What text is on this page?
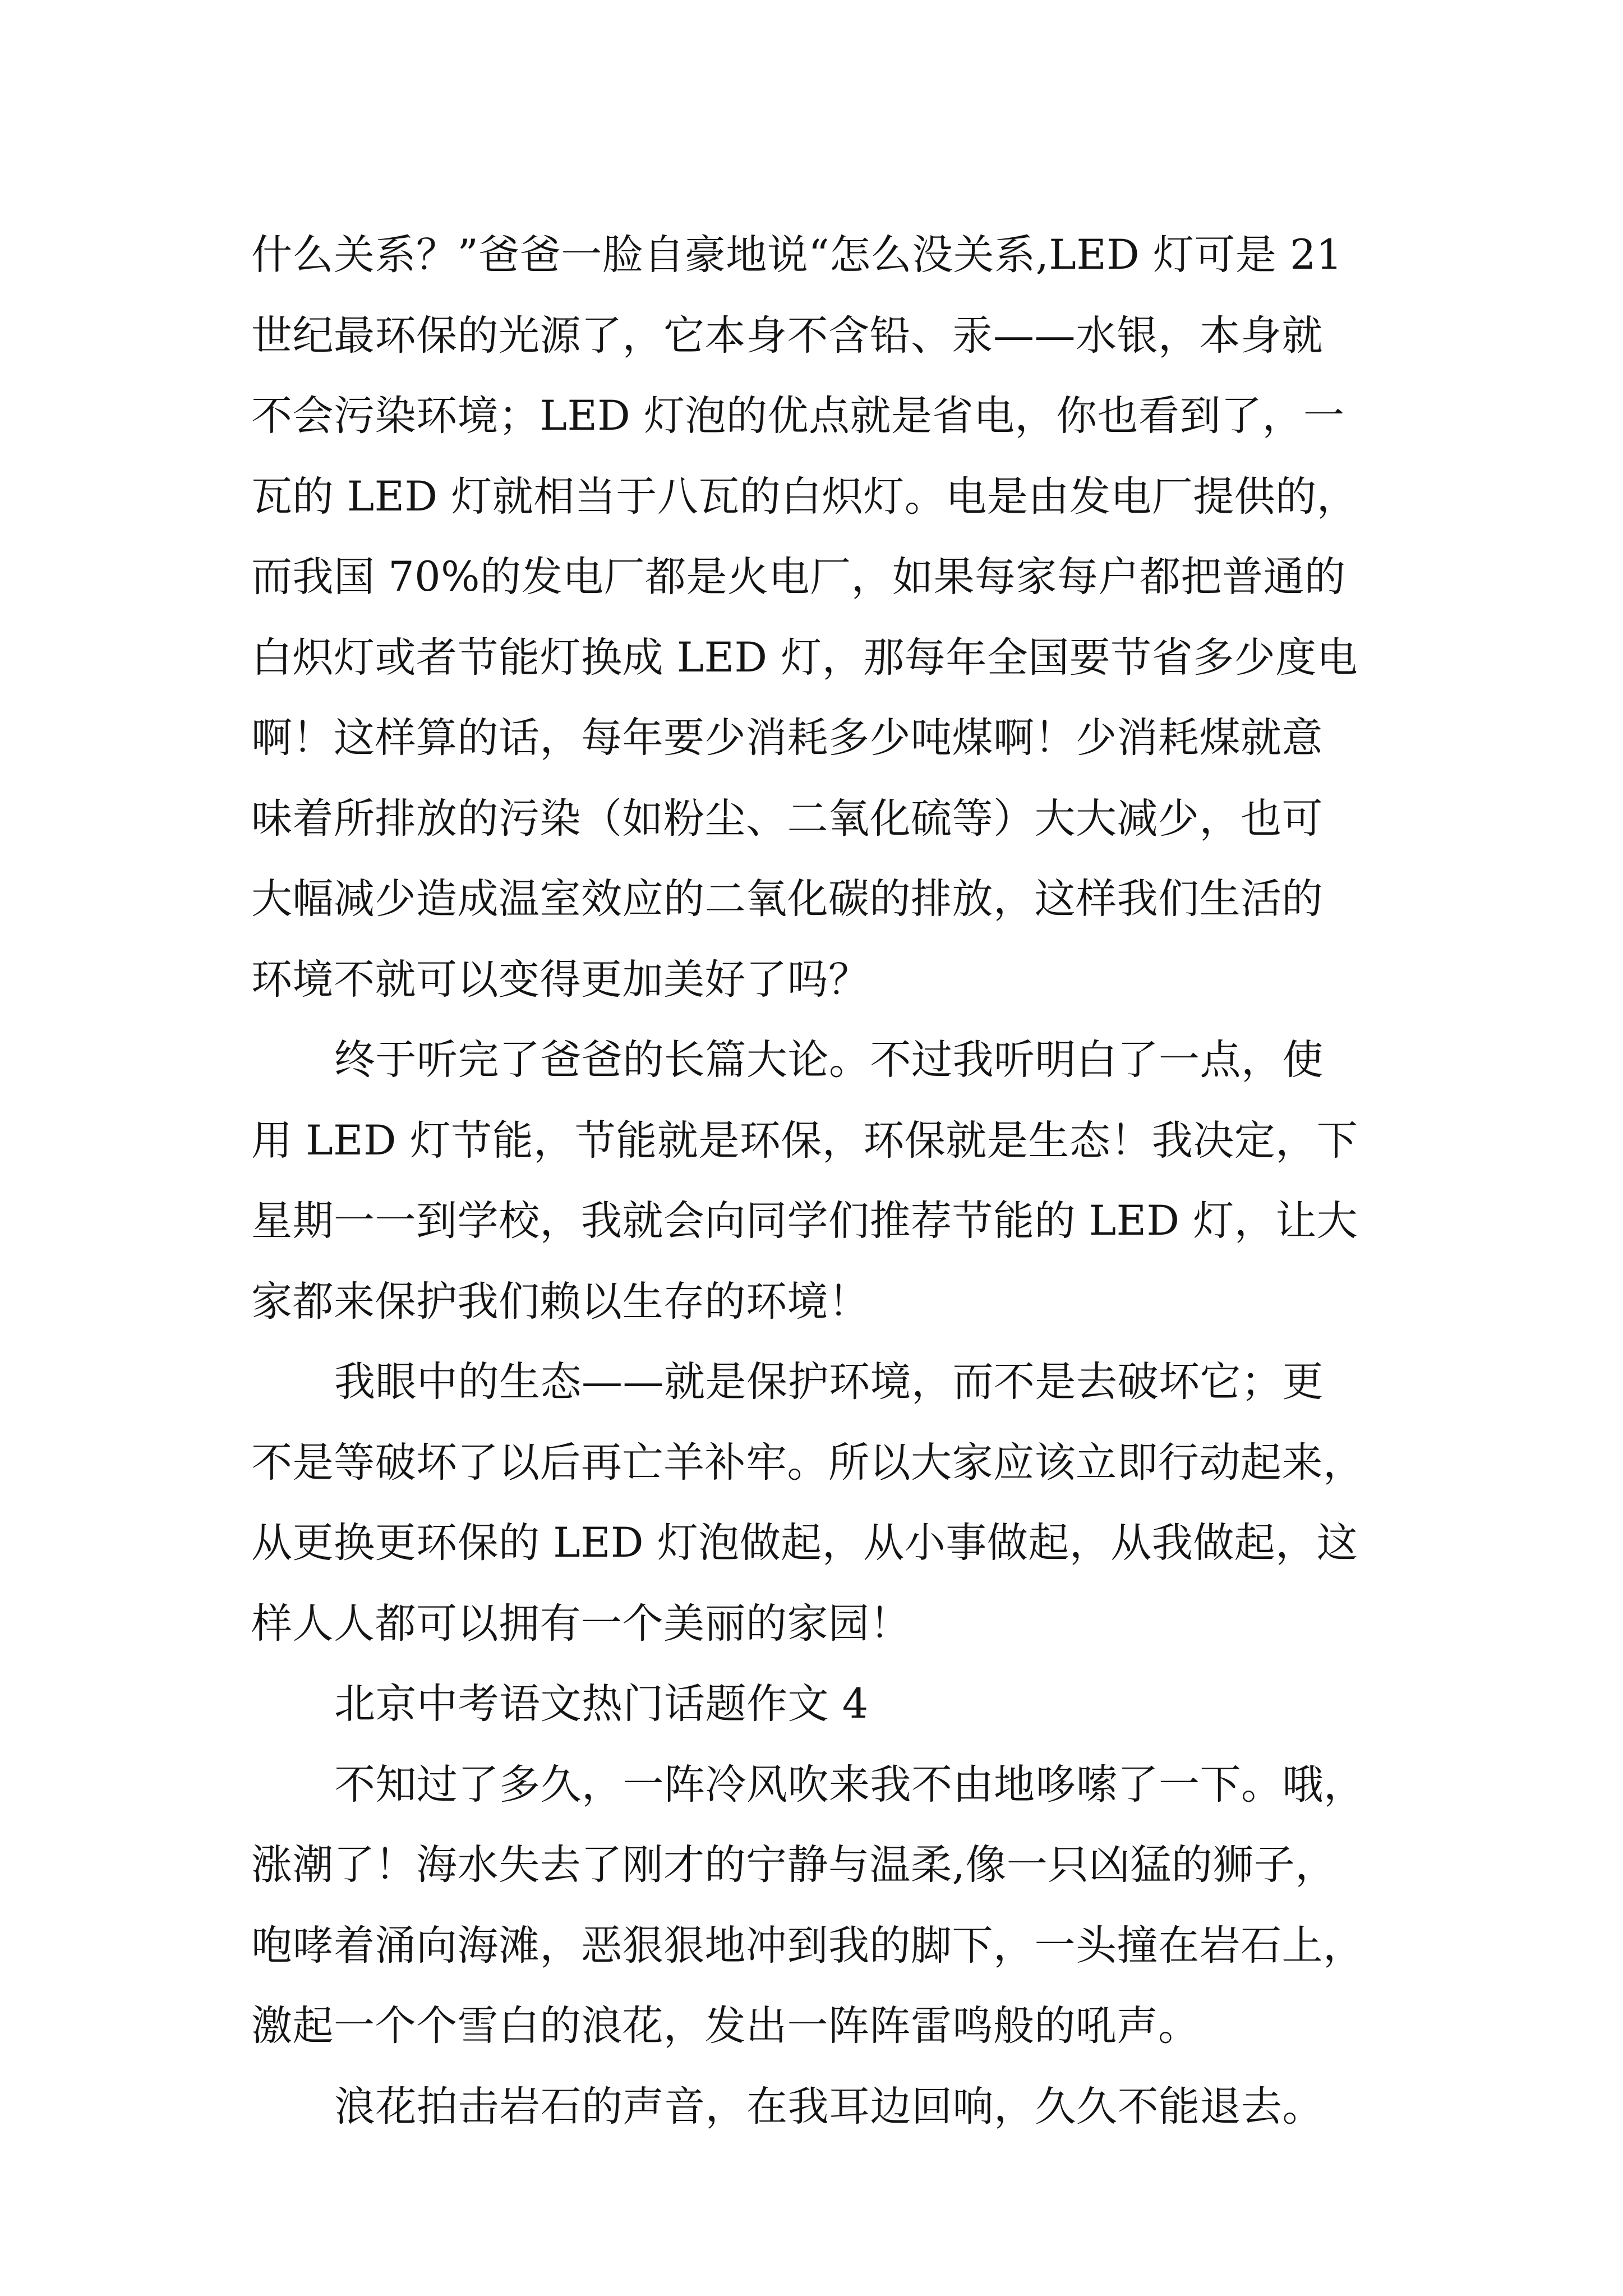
什么关系？”爸爸一脸自豪地说“怎么没关系,LED 灯可是 21
世纪最环保的光源了，它本身不含铅、汞——水银，本身就
不会污染环境；LED 灯泡的优点就是省电，你也看到了，一
瓦的 LED 灯就相当于八瓦的白炽灯。电是由发电厂提供的，
而我国 70%的发电厂都是火电厂，如果每家每户都把普通的
白炽灯或者节能灯换成 LED 灯，那每年全国要节省多少度电
啊！这样算的话，每年要少消耗多少吨煤啊！少消耗煤就意
味着所排放的污染（如粉尘、二氧化硫等）大大减少，也可
大幅减少造成温室效应的二氧化碳的排放，这样我们生活的
环境不就可以变得更加美好了吗？
终于听完了爸爸的长篇大论。不过我听明白了一点，使
用 LED 灯节能，节能就是环保，环保就是生态！我决定，下
星期一一到学校，我就会向同学们推荐节能的 LED 灯，让大
家都来保护我们赖以生存的环境！
我眼中的生态——就是保护环境，而不是去破坏它；更
不是等破坏了以后再亡羊补牢。所以大家应该立即行动起来，
从更换更环保的 LED 灯泡做起，从小事做起，从我做起，这
样人人都可以拥有一个美丽的家园！
北京中考语文热门话题作文 4
不知过了多久，一阵冷风吹来我不由地哆嗦了一下。哦，
涨潮了！海水失去了刚才的宁静与温柔,像一只凶猛的狮子，
咆哮着涌向海滩，恶狠狠地冲到我的脚下，一头撞在岩石上，
激起一个个雪白的浪花，发出一阵阵雷鸣般的吼声。
浪花拍击岩石的声音，在我耳边回响，久久不能退去。
